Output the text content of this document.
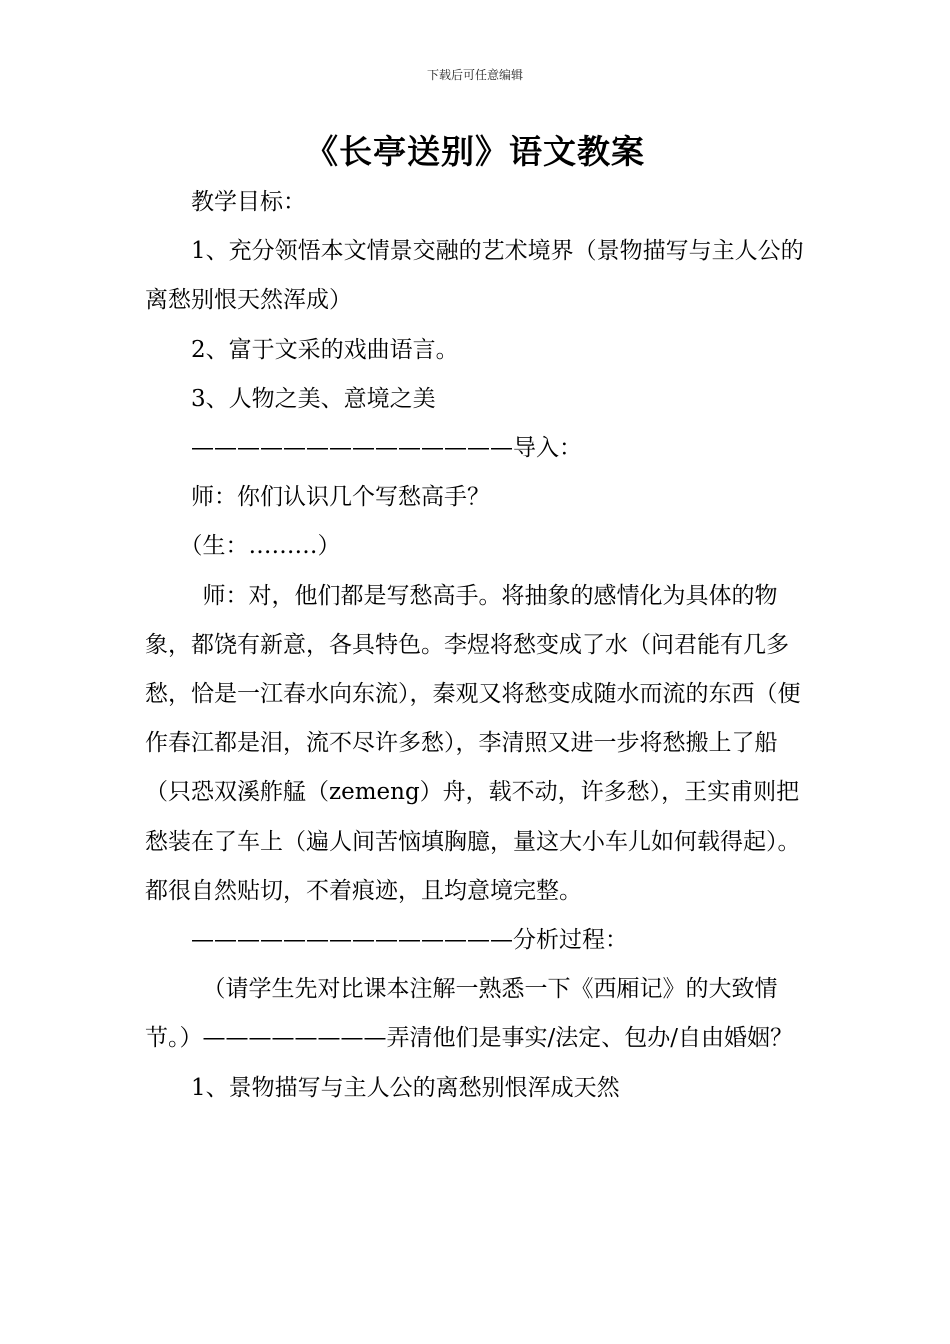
下载后可任意编辑
《长亭送别》语文教案

教学目标：

1、充分领悟本文情景交融的艺术境界（景物描写与主人公的离愁别恨天然浑成）

2、富于文采的戏曲语言。

3、人物之美、意境之美

——————————————导入：

师：你们认识几个写愁高手？

（生：………）

师：对，他们都是写愁高手。将抽象的感情化为具体的物象，都饶有新意，各具特色。李煜将愁变成了水（问君能有几多愁，恰是一江春水向东流），秦观又将愁变成随水而流的东西（便作春江都是泪，流不尽许多愁），李清照又进一步将愁搬上了船（只恐双溪舴艋（zemeng）舟，载不动，许多愁），王实甫则把愁装在了车上（遍人间苦恼填胸臆，量这大小车儿如何载得起）。都很自然贴切，不着痕迹，且均意境完整。

——————————————分析过程：

（请学生先对比课本注解一熟悉一下《西厢记》的大致情节。）————————弄清他们是事实/法定、包办/自由婚姻？

1、景物描写与主人公的离愁别恨浑成天然
